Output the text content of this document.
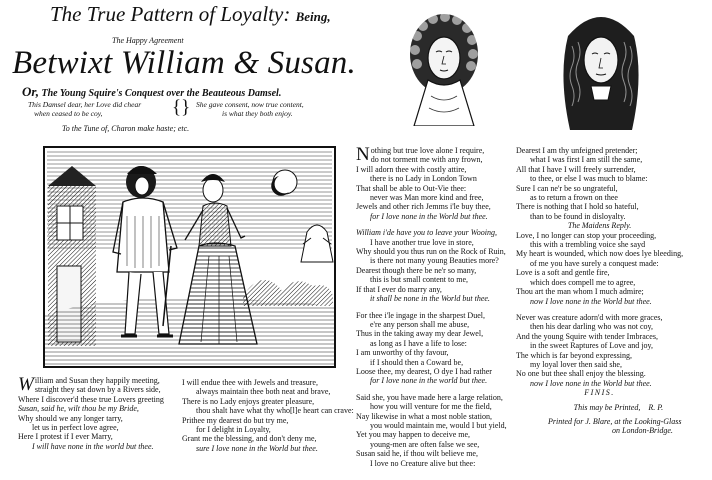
The True Pattern of Loyalty: Being,
The Happy Agreement
Betwixt William & Susan.
Or, The Young Squire's Conquest over the Beauteous Damsel.
This Damsel dear, her Love did chear
when ceased to be coy,	{} She gave consent, now true content,
is what they both enjoy.
To the Tune of, Charon make haste; etc.
W illiam and Susan they happily meeting,
straight they sat down by a Rivers side,
Where I discover'd these true Lovers greeting
Susan, said he, wilt thou be my Bride,
Why should we any longer tarry,
let us in perfect love agree,
Here I protest if I ever Marry,
I will have none in the world but thee.
I will endue thee with Jewels and treasure,
always maintain thee both neat and brave,
There is no Lady enjoys greater pleasure,
thou shalt have what thy who[l]e heart can crave:
Prithee my dearest do but try me,
for I delight in Loyalty,
Grant me the blessing, and don't deny me,
sure I love none in the World but thee.
N othing but true love alone I require,
do not torment me with any frown,
I will adorn thee with costly attire,
there is no Lady in London Town
That shall be able to Out-Vie thee:
never was Man more kind and free,
Jewels and other rich Jemms i'le buy thee,
for I love none in the World but thee.
William i'de have you to leave your Wooing,
I have another true love in store,
Why should you thus run on the Rock of Ruin,
is there not many young Beauties more?
Dearest though there be ne'r so many,
this is but small content to me,
If that I ever do marry any,
it shall be none in the World but thee.
For thee i'le ingage in the sharpest Duel,
e're any person shall me abuse,
Thus in the taking away my dear Jewel,
as long as I have a life to lose:
I am unworthy of thy favour,
if I should then a Coward be,
Loose thee, my dearest, O dye I had rather
for I love none in the world but thee.
Said she, you have made here a large relation,
how you will venture for me the field,
Nay likewise in what a most noble station,
you would maintain me, would I but yield,
Yet you may happen to deceive me,
young-men are often false we see,
Susan said he, if thou wilt believe me,
I love no Creature alive but thee:
Dearest I am thy unfeigned pretender;
what I was first I am still the same,
All that I have I will freely surrender,
to thee, or else I was much to blame:
Sure I can ne'r be so ungrateful,
as to return a frown on thee
There is nothing that I hold so hateful,
than to be found in disloyalty.
The Maidens Reply.
Love, I no longer can stop your proceeding,
this with a trembling voice she sayd
My heart is wounded, which now does lye bleeding,
of me you have surely a conquest made:
Love is a soft and gentle fire,
which does compell me to agree,
Thou art the man whom I much admire;
now I love none in the World but thee.
Never was creature adorn'd with more graces,
then his dear darling who was not coy,
And the young Squire with tender Imbraces,
in the sweet Raptures of Love and joy,
The which is far beyond expressing,
my loyal lover then said she,
No one but thee shall enjoy the blessing.
now I love none in the World but thee.
FINIS.
This may be Printed, R. P.
Printed for J. Blare, at the Looking-Glass
on London-Bridge.
